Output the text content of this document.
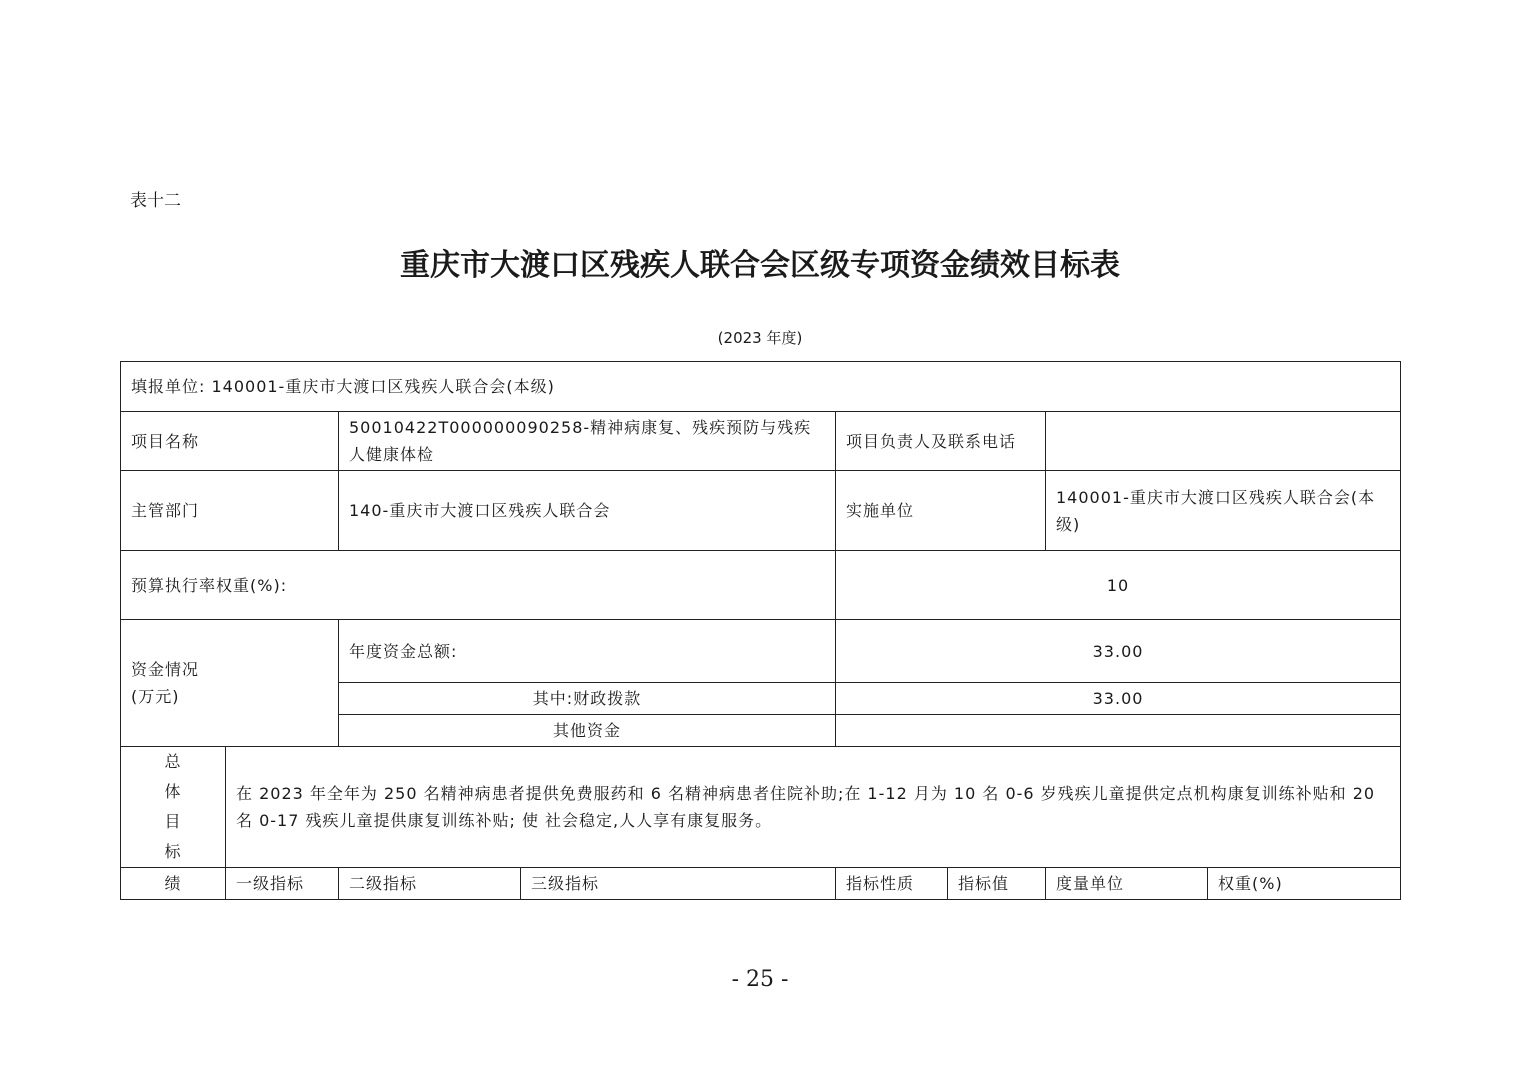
表十二
重庆市大渡口区残疾人联合会区级专项资金绩效目标表
(2023 年度)
填报单位: 140001-重庆市大渡口区残疾人联合会(本级)							
项目名称		50010422T000000090258-精神病康复、残疾预防与残疾人健康体检		项目负责人及联系电话			
主管部门		140-重庆市大渡口区残疾人联合会		实施单位		140001-重庆市大渡口区残疾人联合会(本级)	
预算执行率权重(%):				10			

资金情况
(万元)		年度资金总额:		33.00			
		其中:财政拨款		33.00			
		其他资金					

总
体
目
标	在 2023 年全年为 250 名精神病患者提供免费服药和 6 名精神病患者住院补助;在 1-12 月为 10 名 0-6 岁残疾儿童提供定点机构康复训练补贴和 20 名 0-17 残疾儿童提供康复训练补贴; 使 社会稳定,人人享有康复服务。						
绩	一级指标	二级指标	三级指标	指标性质	指标值	度量单位	权重(%)
- 25 -
